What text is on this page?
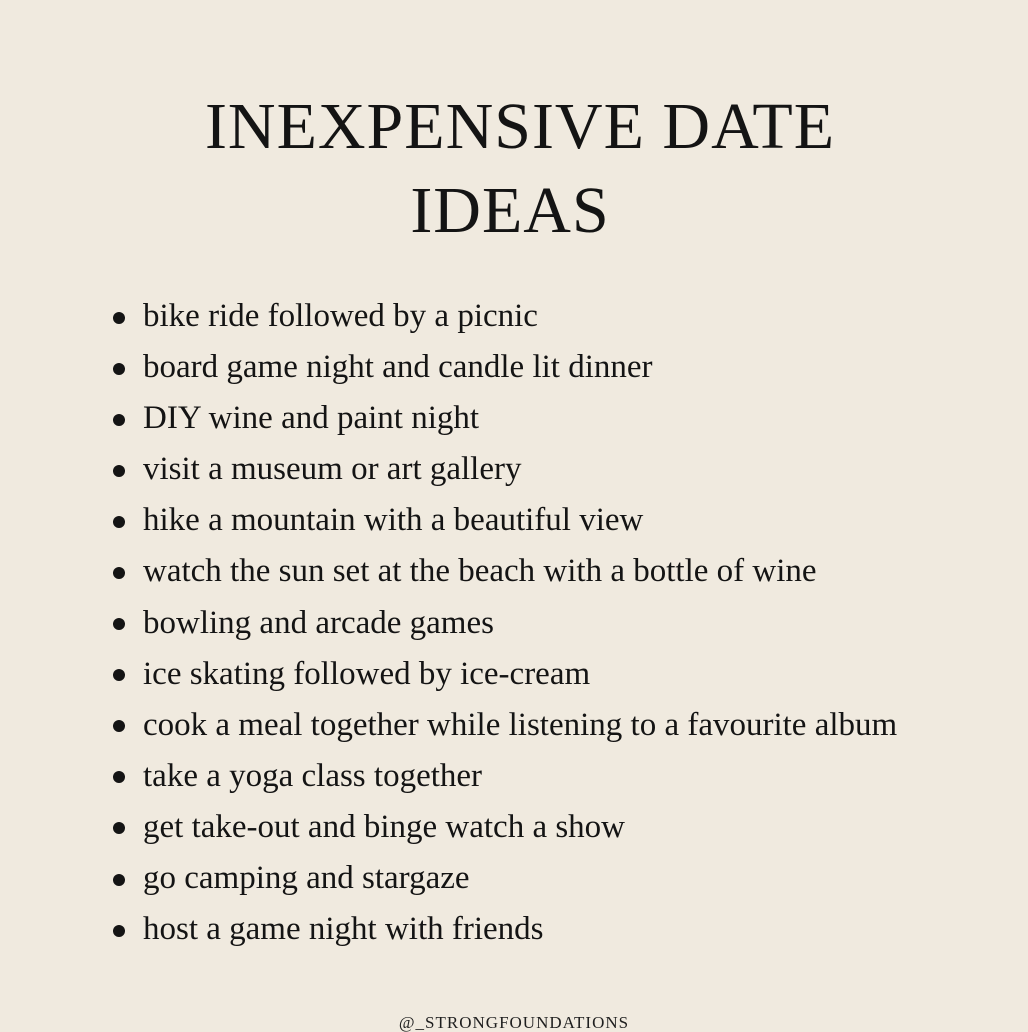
INEXPENSIVE DATE
IDEAS
bike ride followed by a picnic
board game night and candle lit dinner
DIY wine and paint night
visit a museum or art gallery
hike a mountain with a beautiful view
watch the sun set at the beach with a bottle of wine
bowling and arcade games
ice skating followed by ice-cream
cook a meal together while listening to a favourite album
take a yoga class together
get take-out and binge watch a show
go camping and stargaze
host a game night with friends
@_STRONGFOUNDATIONS
